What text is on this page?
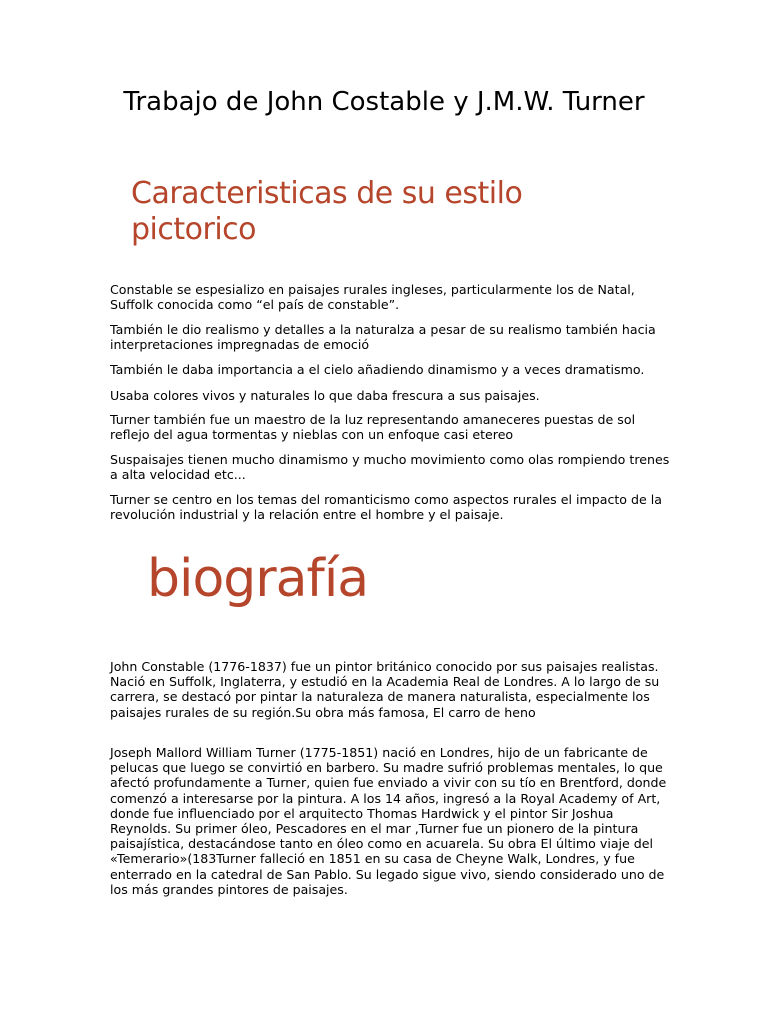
Trabajo de John Costable y J.M.W. Turner
Caracteristicas de su estilo pictorico

Constable se espesializo en paisajes rurales ingleses, particularmente los de Natal, Suffolk conocida como “el país de constable”.

También le dio realismo y detalles a la naturalza a pesar de su realismo también hacia interpretaciones impregnadas de emoció

También le daba importancia a el cielo añadiendo dinamismo y a veces dramatismo.

Usaba colores vivos y naturales lo que daba frescura a sus paisajes.

Turner también fue un maestro de la luz representando amaneceres puestas de sol reflejo del agua tormentas y nieblas con un enfoque casi etereo

Suspaisajes tienen mucho dinamismo y mucho movimiento como olas rompiendo trenes a alta velocidad etc...

Turner se centro en los temas del romanticismo como aspectos rurales el impacto de la revolución industrial y la relación entre el hombre y el paisaje.

biografía

John Constable (1776-1837) fue un pintor británico conocido por sus paisajes realistas. Nació en Suffolk, Inglaterra, y estudió en la Academia Real de Londres. A lo largo de su carrera, se destacó por pintar la naturaleza de manera naturalista, especialmente los paisajes rurales de su región.Su obra más famosa, El carro de heno

Joseph Mallord William Turner (1775-1851) nació en Londres, hijo de un fabricante de pelucas que luego se convirtió en barbero. Su madre sufrió problemas mentales, lo que afectó profundamente a Turner, quien fue enviado a vivir con su tío en Brentford, donde comenzó a interesarse por la pintura. A los 14 años, ingresó a la Royal Academy of Art, donde fue influenciado por el arquitecto Thomas Hardwick y el pintor Sir Joshua Reynolds. Su primer óleo, Pescadores en el mar ,Turner fue un pionero de la pintura paisajística, destacándose tanto en óleo como en acuarela. Su obra El último viaje del «Temerario»(183Turner falleció en 1851 en su casa de Cheyne Walk, Londres, y fue enterrado en la catedral de San Pablo. Su legado sigue vivo, siendo considerado uno de los más grandes pintores de paisajes.
